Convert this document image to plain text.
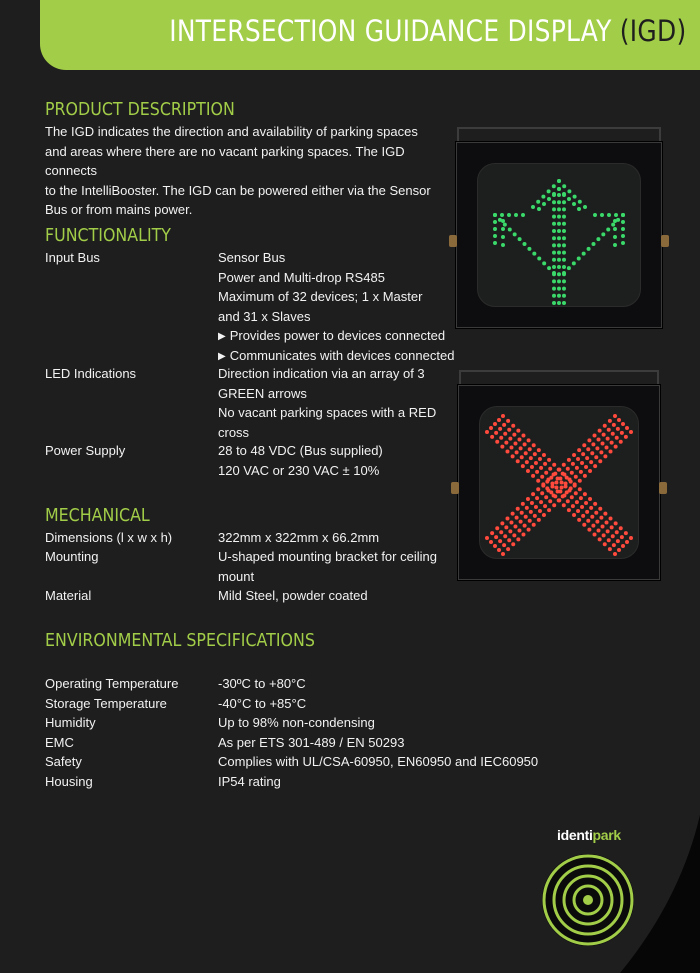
INTERSECTION GUIDANCE DISPLAY (IGD)
PRODUCT DESCRIPTION
The IGD indicates the direction and availability of parking spaces
and areas where there are no vacant parking spaces. The IGD connects
to the IntelliBooster. The IGD can be powered either via the Sensor
Bus or from mains power.
FUNCTIONALITY
Input Bus	Sensor Bus
Power and Multi-drop RS485
Maximum of 32 devices; 1 x Master
and 31 x Slaves
▶ Provides power to devices connected
▶ Communicates with devices connected
LED Indications	Direction indication via an array of 3
GREEN arrows
No vacant parking spaces with a RED
cross
Power Supply	28 to 48 VDC (Bus supplied)
120 VAC or 230 VAC ± 10%
MECHANICAL
Dimensions (l x w x h)	322mm x 322mm x 66.2mm
Mounting	U-shaped mounting bracket for ceiling
mount
Material	Mild Steel, powder coated
ENVIRONMENTAL SPECIFICATIONS
Operating Temperature	-30ºC to +80°C
Storage Temperature	-40°C to +85°C
Humidity	Up to 98% non-condensing
EMC	As per ETS 301-489 / EN 50293
Safety	Complies with UL/CSA-60950, EN60950 and IEC60950
Housing	IP54 rating
identipark
